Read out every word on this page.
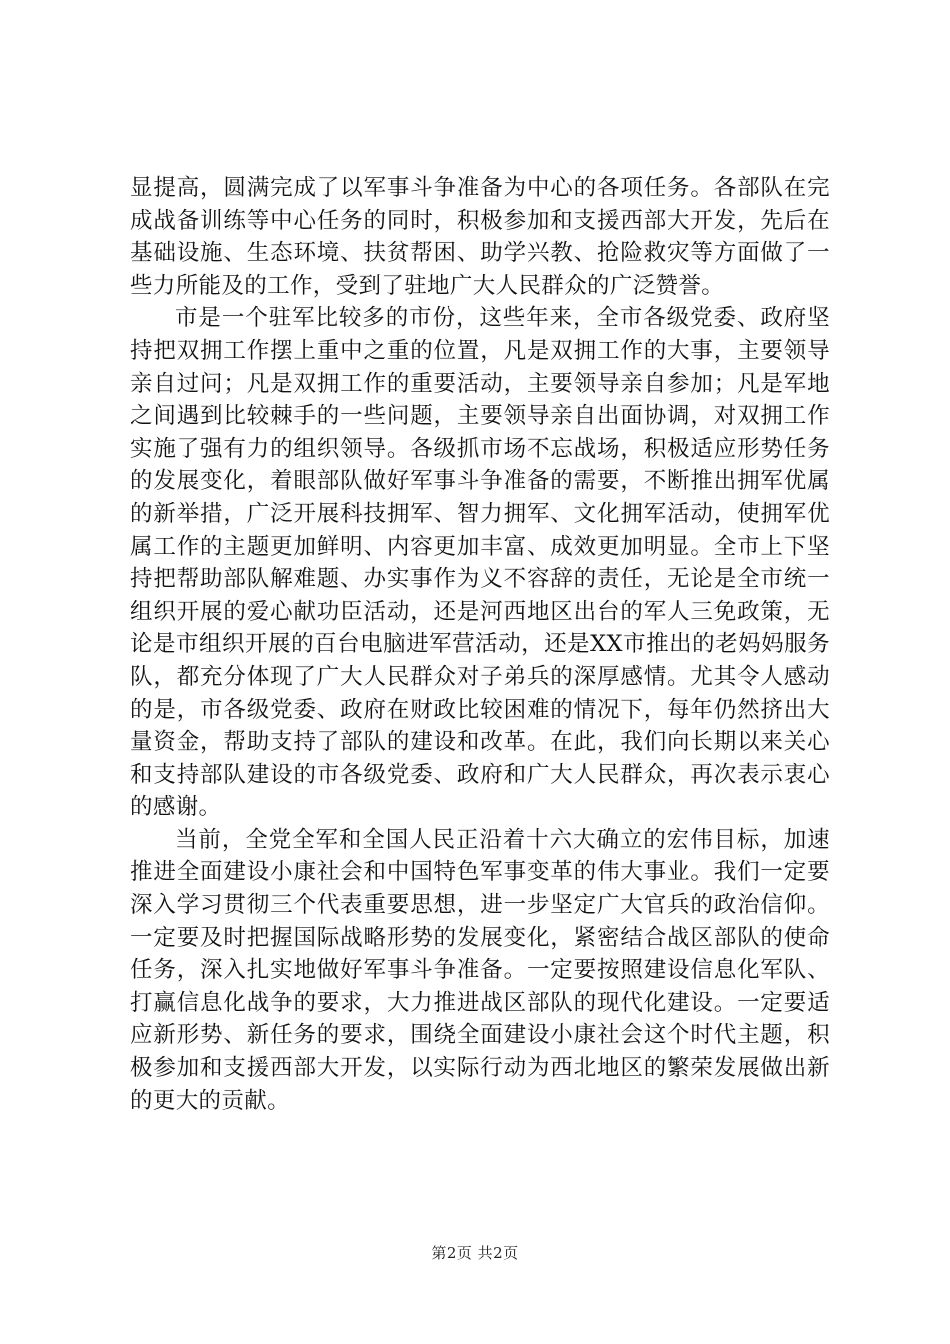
显提高，圆满完成了以军事斗争准备为中心的各项任务。各部队在完成战备训练等中心任务的同时，积极参加和支援西部大开发，先后在基础设施、生态环境、扶贫帮困、助学兴教、抢险救灾等方面做了一些力所能及的工作，受到了驻地广大人民群众的广泛赞誉。

市是一个驻军比较多的市份，这些年来，全市各级党委、政府坚持把双拥工作摆上重中之重的位置，凡是双拥工作的大事，主要领导亲自过问；凡是双拥工作的重要活动，主要领导亲自参加；凡是军地之间遇到比较棘手的一些问题，主要领导亲自出面协调，对双拥工作实施了强有力的组织领导。各级抓市场不忘战场，积极适应形势任务的发展变化，着眼部队做好军事斗争准备的需要，不断推出拥军优属的新举措，广泛开展科技拥军、智力拥军、文化拥军活动，使拥军优属工作的主题更加鲜明、内容更加丰富、成效更加明显。全市上下坚持把帮助部队解难题、办实事作为义不容辞的责任，无论是全市统一组织开展的爱心献功臣活动，还是河西地区出台的军人三免政策，无论是市组织开展的百台电脑进军营活动，还是XX市推出的老妈妈服务队，都充分体现了广大人民群众对子弟兵的深厚感情。尤其令人感动的是，市各级党委、政府在财政比较困难的情况下，每年仍然挤出大量资金，帮助支持了部队的建设和改革。在此，我们向长期以来关心和支持部队建设的市各级党委、政府和广大人民群众，再次表示衷心的感谢。

当前，全党全军和全国人民正沿着十六大确立的宏伟目标，加速推进全面建设小康社会和中国特色军事变革的伟大事业。我们一定要深入学习贯彻三个代表重要思想，进一步坚定广大官兵的政治信仰。一定要及时把握国际战略形势的发展变化，紧密结合战区部队的使命任务，深入扎实地做好军事斗争准备。一定要按照建设信息化军队、打赢信息化战争的要求，大力推进战区部队的现代化建设。一定要适应新形势、新任务的要求，围绕全面建设小康社会这个时代主题，积极参加和支援西部大开发，以实际行动为西北地区的繁荣发展做出新的更大的贡献。

第2页 共2页
